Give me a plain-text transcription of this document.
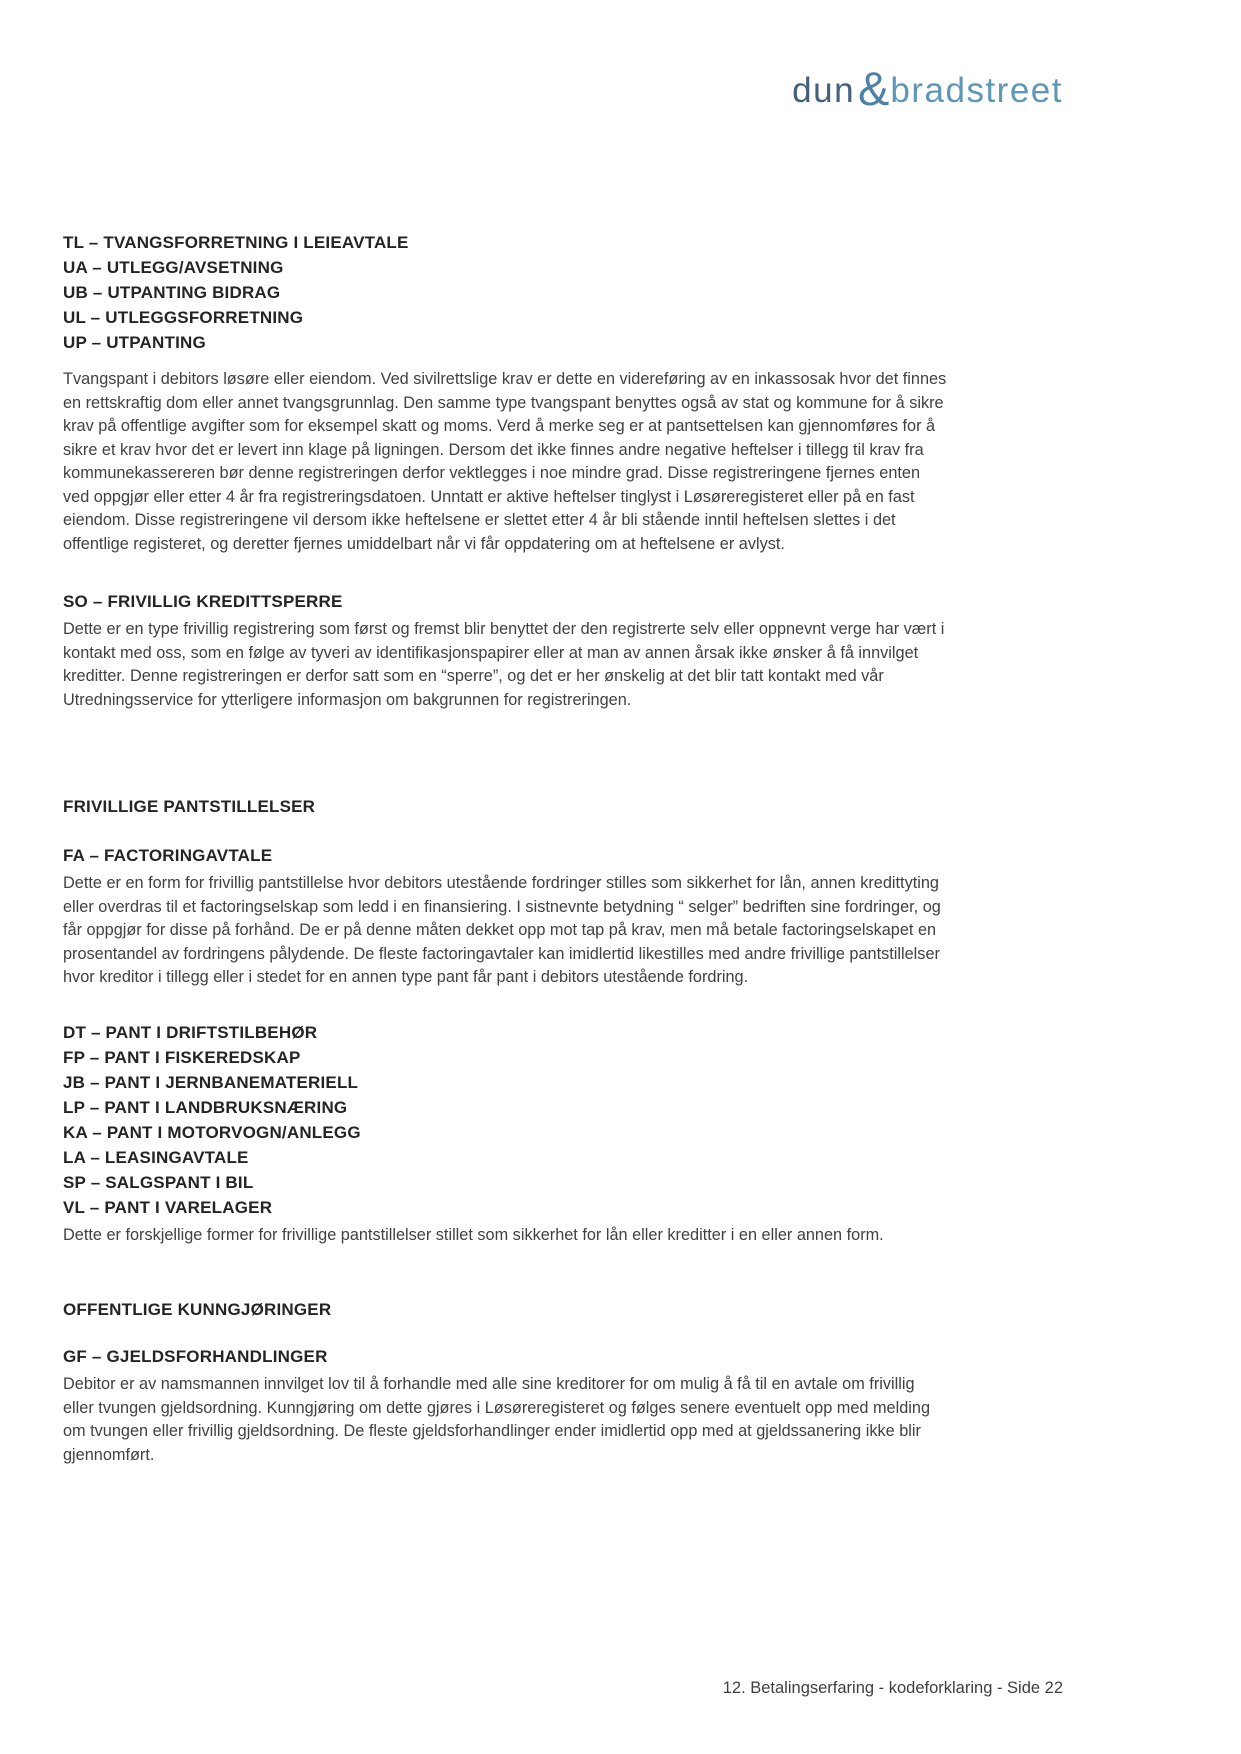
dun & bradstreet
TL – TVANGSFORRETNING I LEIEAVTALE
UA – UTLEGG/AVSETNING
UB – UTPANTING BIDRAG
UL – UTLEGGSFORRETNING
UP – UTPANTING

Tvangspant i debitors løsøre eller eiendom. Ved sivilrettslige krav er dette en videreføring av en inkassosak hvor det finnes en rettskraftig dom eller annet tvangsgrunnlag. Den samme type tvangspant benyttes også av stat og kommune for å sikre krav på offentlige avgifter som for eksempel skatt og moms. Verd å merke seg er at pantsettelsen kan gjennomføres for å sikre et krav hvor det er levert inn klage på ligningen. Dersom det ikke finnes andre negative heftelser i tillegg til krav fra kommunekassereren bør denne registreringen derfor vektlegges i noe mindre grad. Disse registreringene fjernes enten ved oppgjør eller etter 4 år fra registreringsdatoen. Unntatt er aktive heftelser tinglyst i Løsøreregisteret eller på en fast eiendom. Disse registreringene vil dersom ikke heftelsene er slettet etter 4 år bli stående inntil heftelsen slettes i det offentlige registeret, og deretter fjernes umiddelbart når vi får oppdatering om at heftelsene er avlyst.

SO – FRIVILLIG KREDITTSPERRE

Dette er en type frivillig registrering som først og fremst blir benyttet der den registrerte selv eller oppnevnt verge har vært i kontakt med oss, som en følge av tyveri av identifikasjonspapirer eller at man av annen årsak ikke ønsker å få innvilget kreditter. Denne registreringen er derfor satt som en “sperre”, og det er her ønskelig at det blir tatt kontakt med vår Utredningsservice for ytterligere informasjon om bakgrunnen for registreringen.

FRIVILLIGE PANTSTILLELSER
FA – FACTORINGAVTALE

Dette er en form for frivillig pantstillelse hvor debitors utestående fordringer stilles som sikkerhet for lån, annen kredittyting eller overdras til et factoringselskap som ledd i en finansiering. I sistnevnte betydning “ selger” bedriften sine fordringer, og får oppgjør for disse på forhånd. De er på denne måten dekket opp mot tap på krav, men må betale factoringselskapet en prosentandel av fordringens pålydende. De fleste factoringavtaler kan imidlertid likestilles med andre frivillige pantstillelser hvor kreditor i tillegg eller i stedet for en annen type pant får pant i debitors utestående fordring.

DT – PANT I DRIFTSTILBEHØR
FP – PANT I FISKEREDSKAP
JB – PANT I JERNBANEMATERIELL
LP – PANT I LANDBRUKSNÆRING
KA – PANT I MOTORVOGN/ANLEGG
LA – LEASINGAVTALE
SP – SALGSPANT I BIL
VL – PANT I VARELAGER

Dette er forskjellige former for frivillige pantstillelser stillet som sikkerhet for lån eller kreditter i en eller annen form.

OFFENTLIGE KUNNGJØRINGER
GF – GJELDSFORHANDLINGER

Debitor er av namsmannen innvilget lov til å forhandle med alle sine kreditorer for om mulig å få til en avtale om frivillig eller tvungen gjeldsordning. Kunngjøring om dette gjøres i Løsøreregisteret og følges senere eventuelt opp med melding om tvungen eller frivillig gjeldsordning. De fleste gjeldsforhandlinger ender imidlertid opp med at gjeldssanering ikke blir gjennomført.

12. Betalingserfaring - kodeforklaring - Side 22
